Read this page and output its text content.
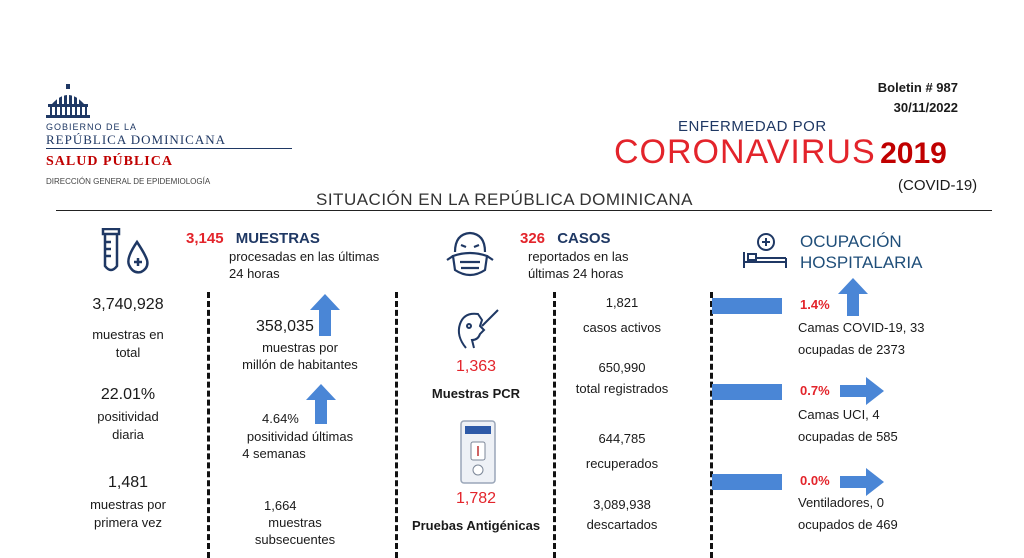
GOBIERNO DE LA
REPÚBLICA DOMINICANA
SALUD PÚBLICA
DIRECCIÓN GENERAL DE EPIDEMIOLOGÍA
Boletin # 987
30/11/2022
ENFERMEDAD POR
CORONAVIRUS 2019
(COVID-19)
SITUACIÓN EN LA REPÚBLICA DOMINICANA
3,145 MUESTRAS
procesadas en las últimas
24 horas
3,740,928
muestras en
total
22.01%
positividad
diaria
1,481
muestras por
primera vez
358,035
muestras por
millón de habitantes
4.64%
positividad últimas
4 semanas
1,664
muestras
subsecuentes
1,363
Muestras PCR
1,782
Pruebas Antigénicas
326 CASOS
reportados en las
últimas 24 horas
1,821
casos activos
650,990
total registrados
644,785
recuperados
3,089,938
descartados
OCUPACIÓN
HOSPITALARIA
1.4%
Camas COVID-19, 33
ocupadas de 2373
0.7%
Camas UCI, 4
ocupadas de 585
0.0%
Ventiladores, 0
ocupados de 469
